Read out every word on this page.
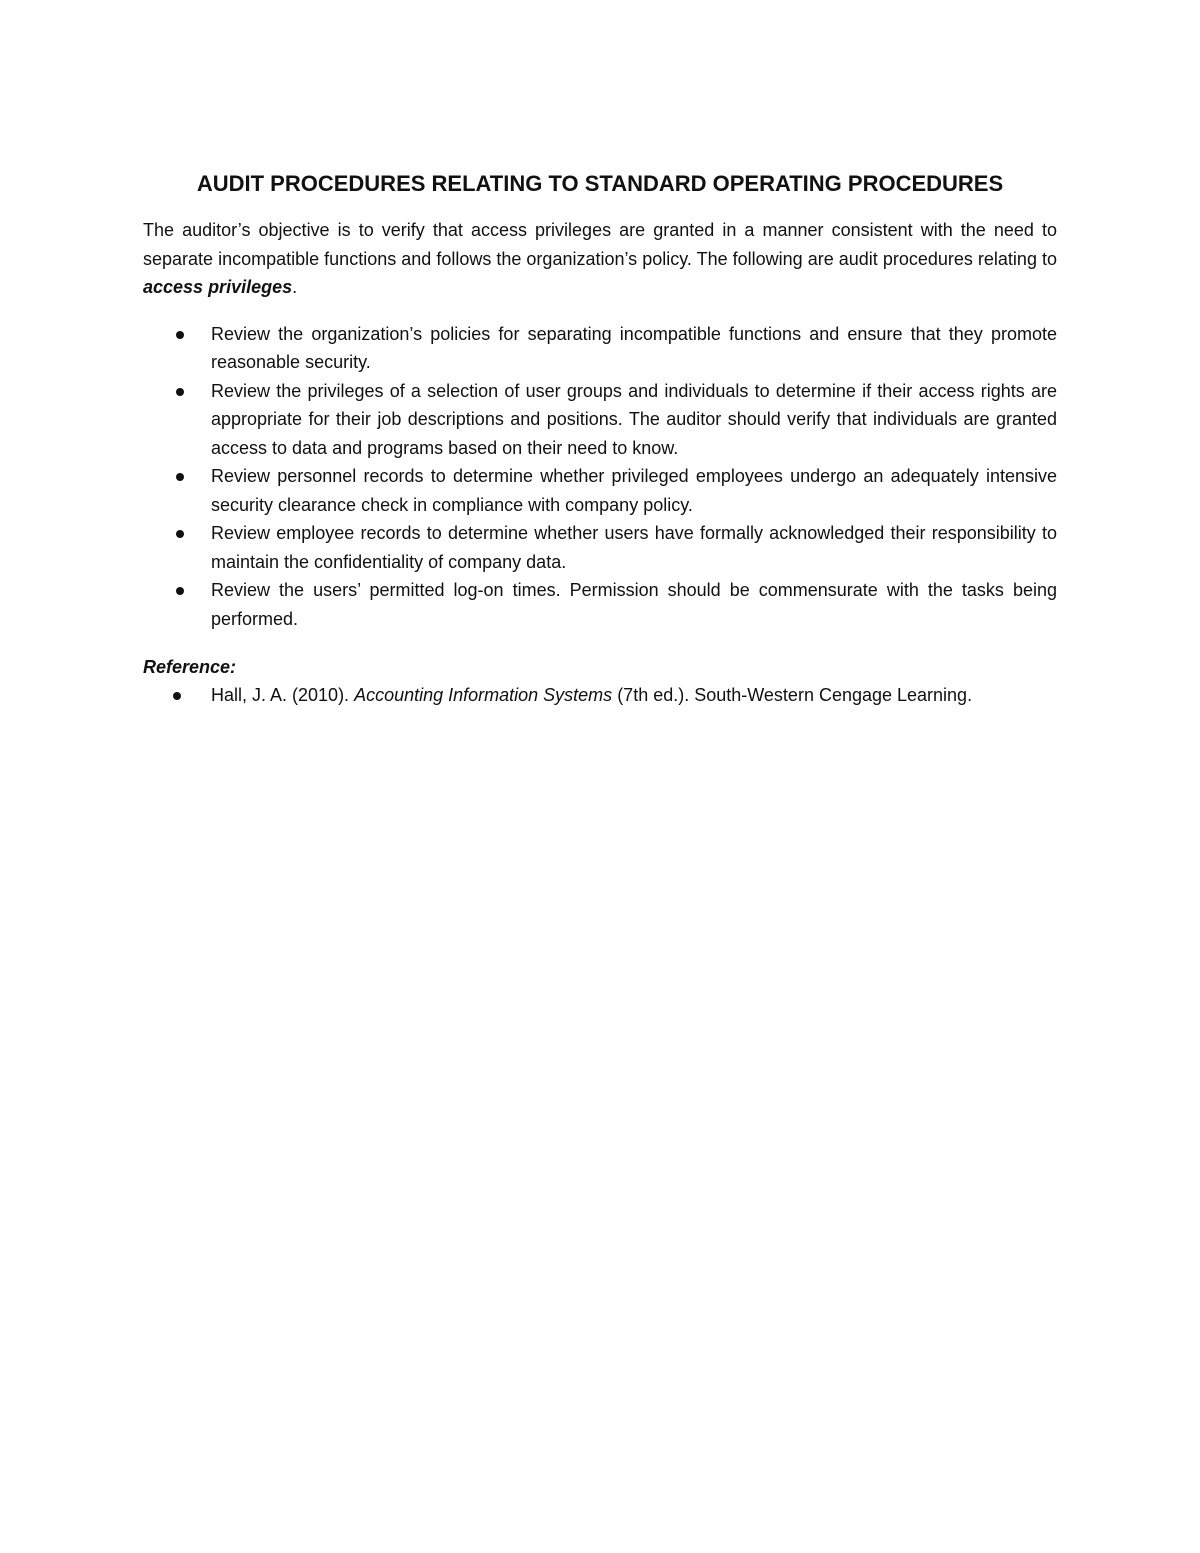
AUDIT PROCEDURES RELATING TO STANDARD OPERATING PROCEDURES

The auditor’s objective is to verify that access privileges are granted in a manner consistent with the need to separate incompatible functions and follows the organization’s policy. The following are audit procedures relating to access privileges.

Review the organization’s policies for separating incompatible functions and ensure that they promote reasonable security.
Review the privileges of a selection of user groups and individuals to determine if their access rights are appropriate for their job descriptions and positions. The auditor should verify that individuals are granted access to data and programs based on their need to know.
Review personnel records to determine whether privileged employees undergo an adequately intensive security clearance check in compliance with company policy.
Review employee records to determine whether users have formally acknowledged their responsibility to maintain the confidentiality of company data.
Review the users’ permitted log-on times. Permission should be commensurate with the tasks being performed.

Reference:

Hall, J. A. (2010). Accounting Information Systems (7th ed.). South-Western Cengage Learning.
